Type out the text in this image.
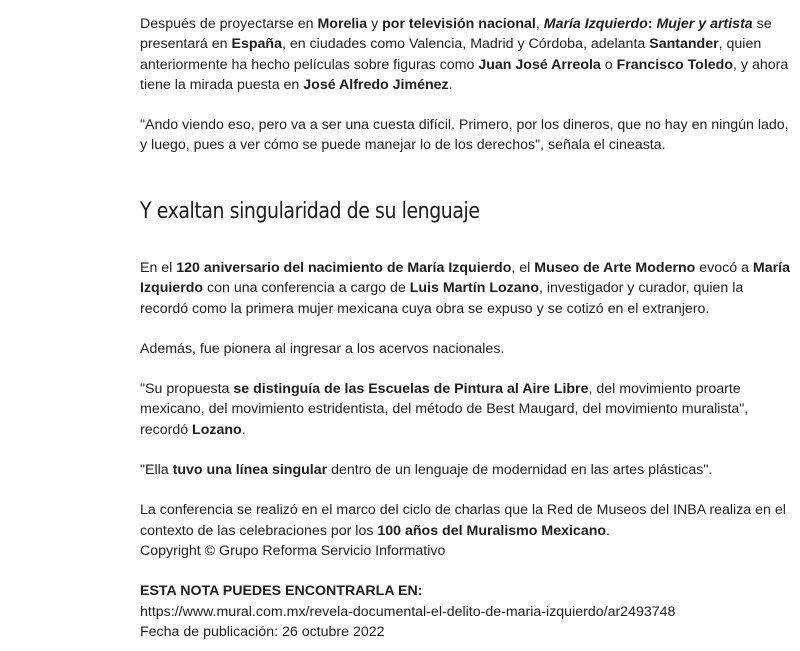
Después de proyectarse en Morelia y por televisión nacional, María Izquierdo: Mujer y artista se presentará en España, en ciudades como Valencia, Madrid y Córdoba, adelanta Santander, quien anteriormente ha hecho películas sobre figuras como Juan José Arreola o Francisco Toledo, y ahora tiene la mirada puesta en José Alfredo Jiménez.

"Ando viendo eso, pero va a ser una cuesta difícil. Primero, por los dineros, que no hay en ningún lado, y luego, pues a ver cómo se puede manejar lo de los derechos", señala el cineasta.

Y exaltan singularidad de su lenguaje

En el 120 aniversario del nacimiento de María Izquierdo, el Museo de Arte Moderno evocó a María Izquierdo con una conferencia a cargo de Luis Martín Lozano, investigador y curador, quien la recordó como la primera mujer mexicana cuya obra se expuso y se cotizó en el extranjero.

Además, fue pionera al ingresar a los acervos nacionales.

"Su propuesta se distinguía de las Escuelas de Pintura al Aire Libre, del movimiento proarte mexicano, del movimiento estridentista, del método de Best Maugard, del movimiento muralista", recordó Lozano.

"Ella tuvo una línea singular dentro de un lenguaje de modernidad en las artes plásticas".

La conferencia se realizó en el marco del ciclo de charlas que la Red de Museos del INBA realiza en el contexto de las celebraciones por los 100 años del Muralismo Mexicano.

Copyright © Grupo Reforma Servicio Informativo

ESTA NOTA PUEDES ENCONTRARLA EN:

https://www.mural.com.mx/revela-documental-el-delito-de-maria-izquierdo/ar2493748

Fecha de publicación: 26 octubre 2022
